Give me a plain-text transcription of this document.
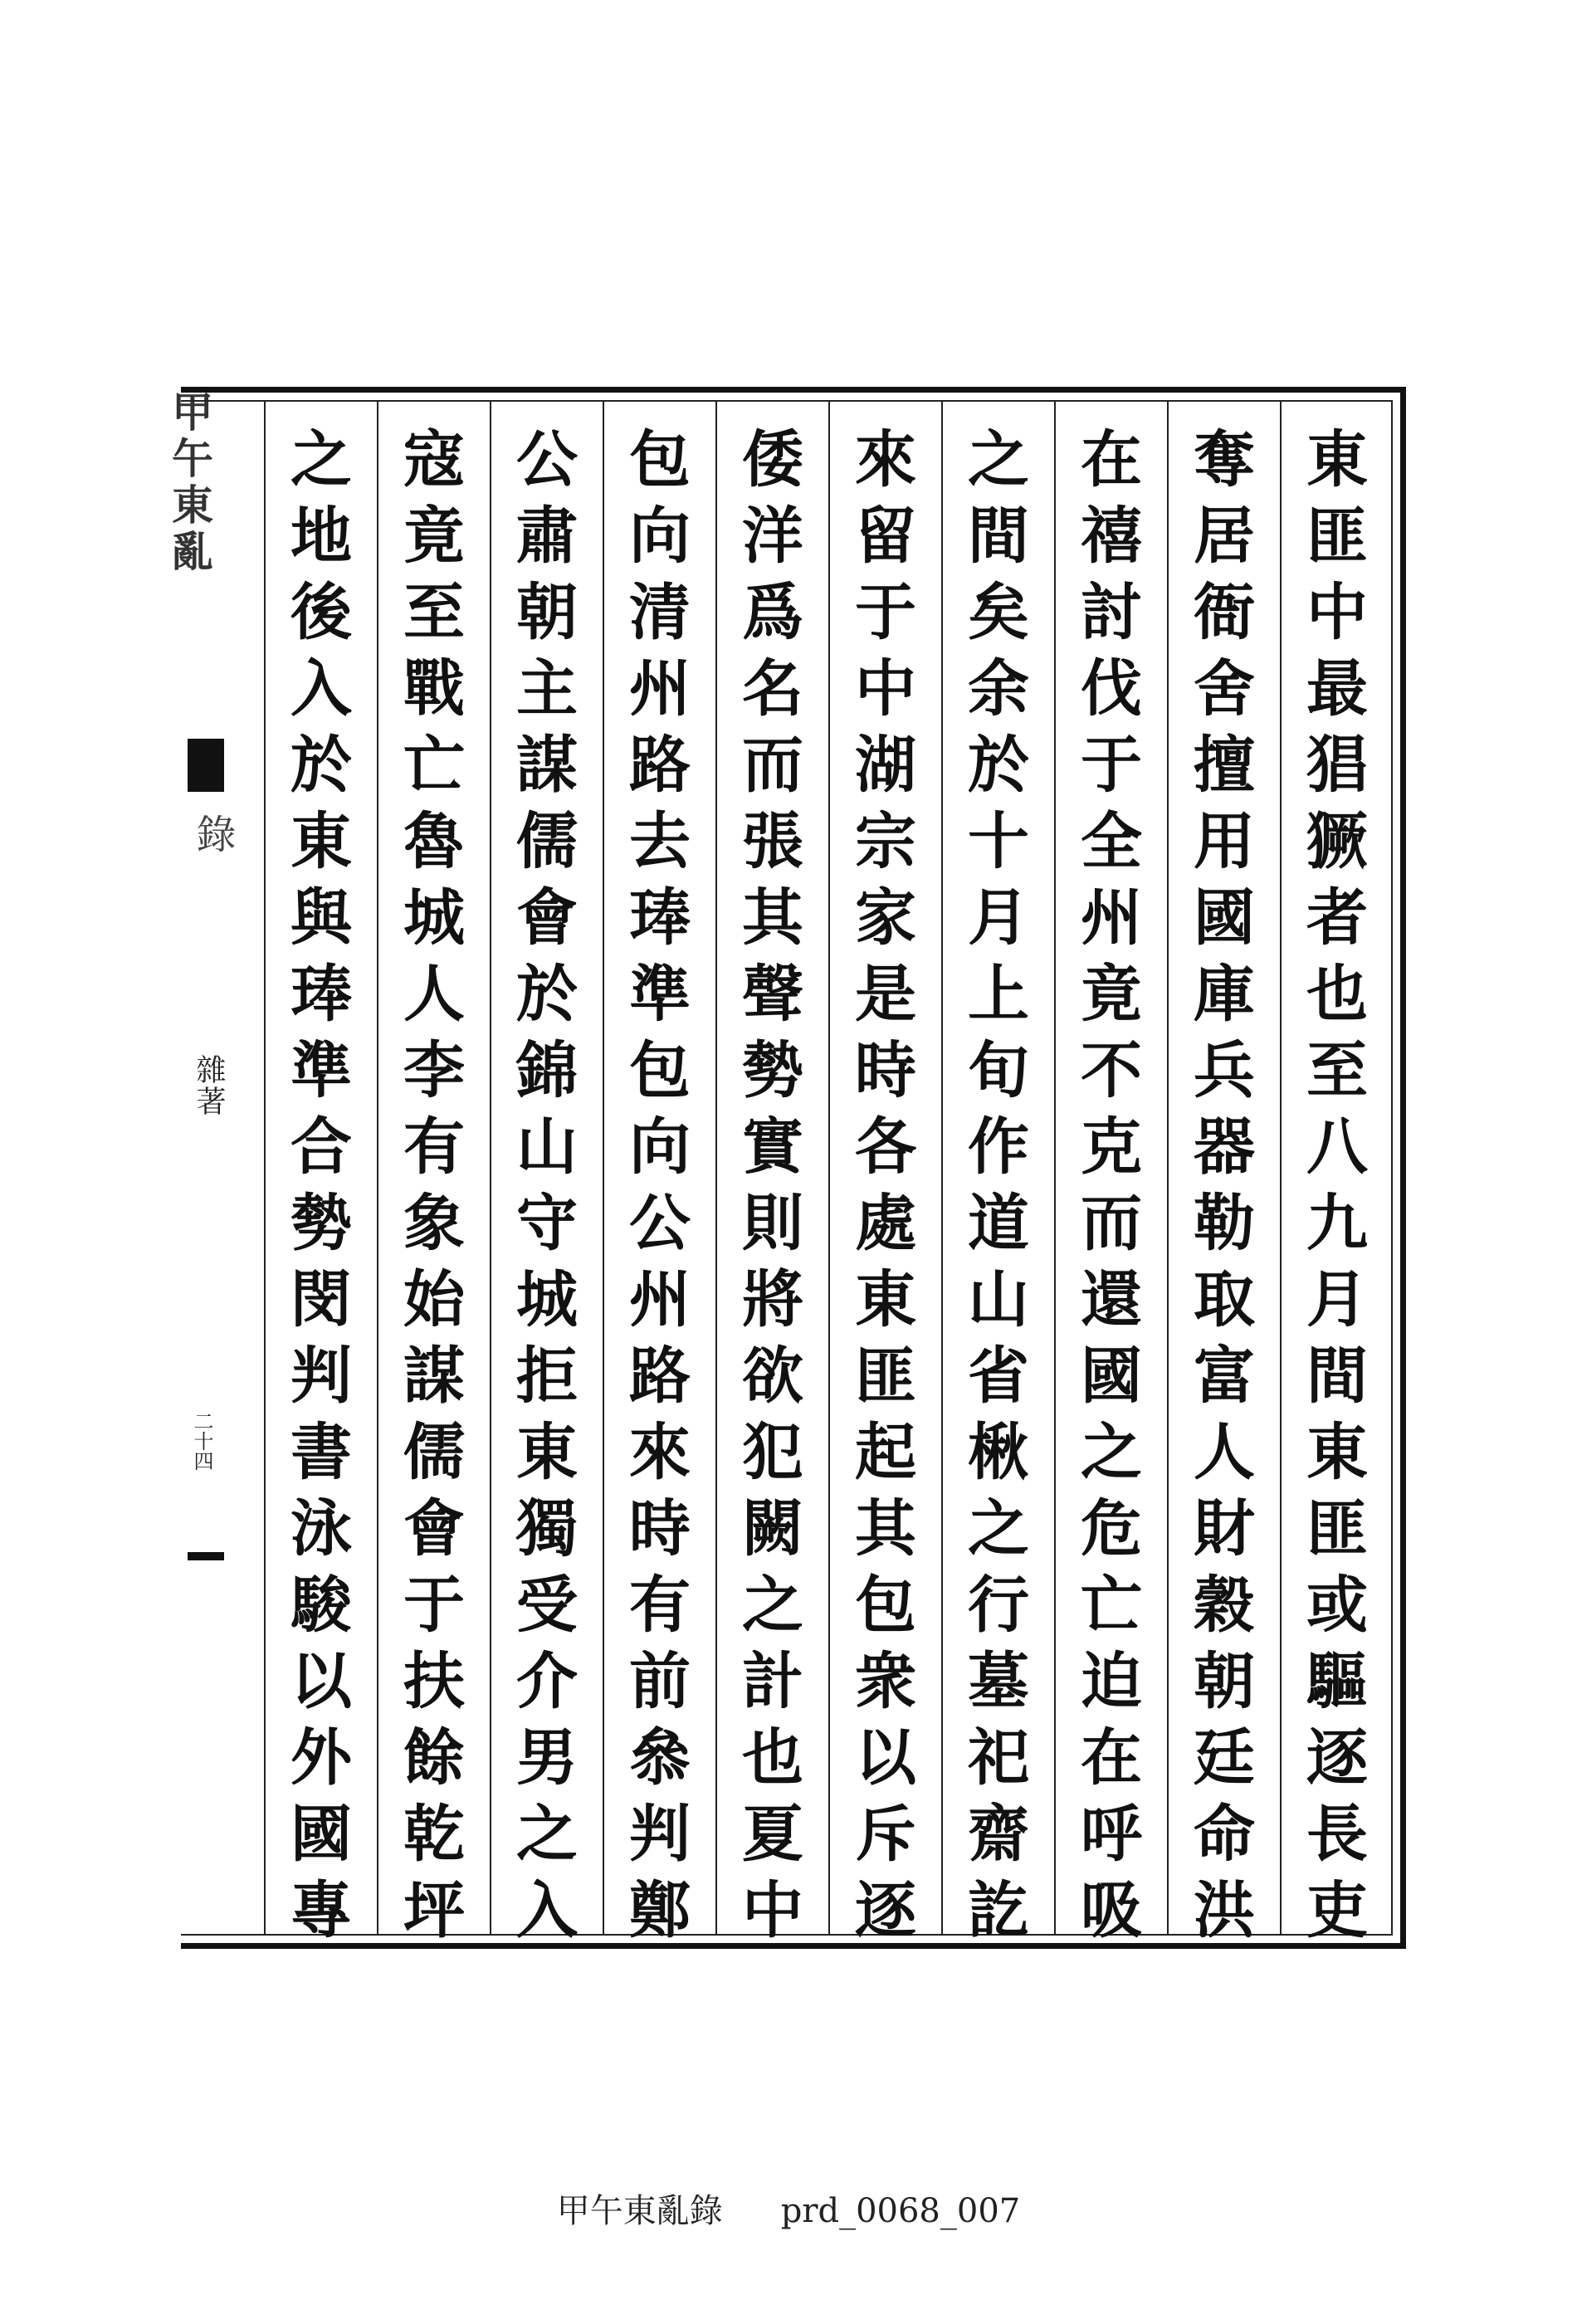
甲午東亂
錄
雜著
二十四
東
匪
中
最
猖
獗
者
也
至
八
九
月
間
東
匪
或
驅
逐
長
吏
奪
居
衙
舍
擅
用
國
庫
兵
器
勒
取
富
人
財
穀
朝
廷
命
洪
在
禧
討
伐
于
全
州
竟
不
克
而
還
國
之
危
亡
迫
在
呼
吸
之
間
矣
余
於
十
月
上
旬
作
道
山
省
楸
之
行
墓
祀
齋
訖
來
留
于
中
湖
宗
家
是
時
各
處
東
匪
起
其
包
衆
以
斥
逐
倭
洋
爲
名
而
張
其
聲
勢
實
則
將
欲
犯
闕
之
計
也
夏
中
包
向
清
州
路
去
琫
準
包
向
公
州
路
來
時
有
前
叅
判
鄭
公
肅
朝
主
謀
儒
會
於
錦
山
守
城
拒
東
獨
受
介
男
之
入
寇
竟
至
戰
亡
魯
城
人
李
有
象
始
謀
儒
會
于
扶
餘
乾
坪
之
地
後
入
於
東
與
琫
準
合
勢
閔
判
書
泳
駿
以
外
國
專
甲午東亂錄 prd_0068_007
